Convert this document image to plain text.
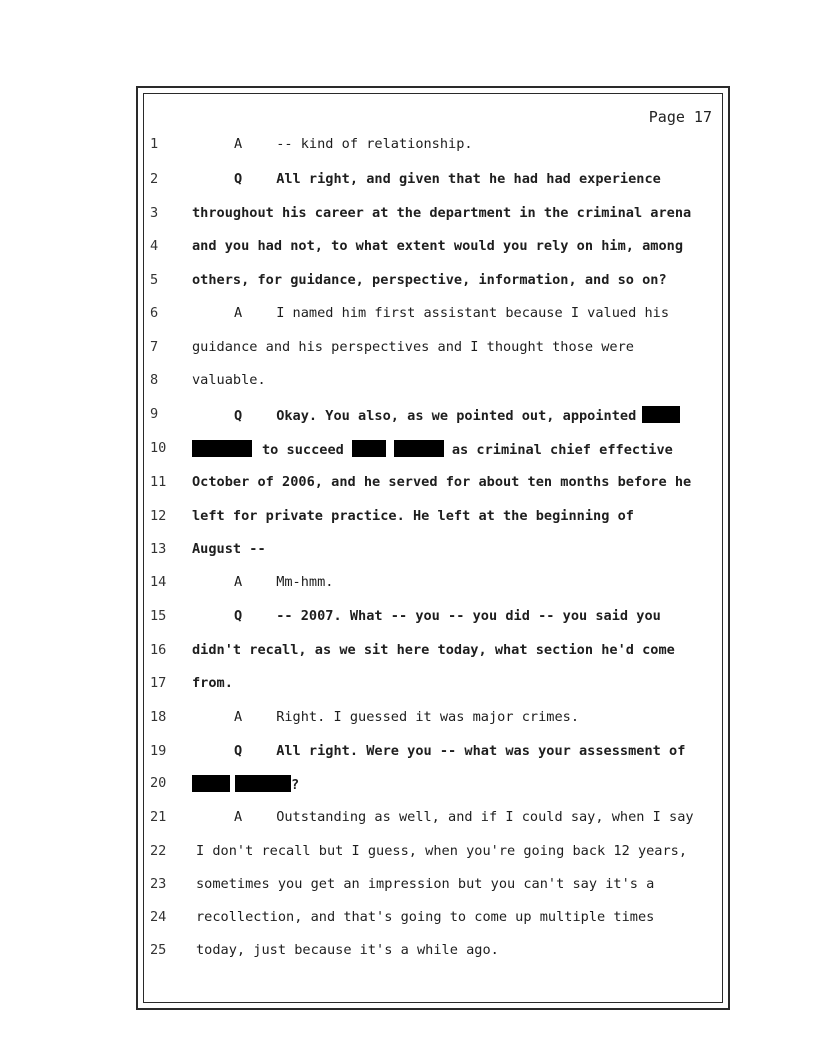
Page 17
1	A	-- kind of relationship.
2	Q	All right, and given that he had had experience
3	throughout his career at the department in the criminal arena
4	and you had not, to what extent would you rely on him, among
5	others, for guidance, perspective, information, and so on?
6	A	I named him first assistant because I valued his
7	guidance and his perspectives and I thought those were
8	valuable.
9	Q	Okay. You also, as we pointed out, appointed
10	to succeed	as criminal chief effective
11	October of 2006, and he served for about ten months before he
12	left for private practice. He left at the beginning of
13	August --
14	A	Mm-hmm.
15	Q	-- 2007. What -- you -- you did -- you said you
16	didn't recall, as we sit here today, what section he'd come
17	from.
18	A	Right. I guessed it was major crimes.
19	Q	All right. Were you -- what was your assessment of
20	?
21	A	Outstanding as well, and if I could say, when I say
22	I don't recall but I guess, when you're going back 12 years,
23	sometimes you get an impression but you can't say it's a
24	recollection, and that's going to come up multiple times
25	today, just because it's a while ago.
